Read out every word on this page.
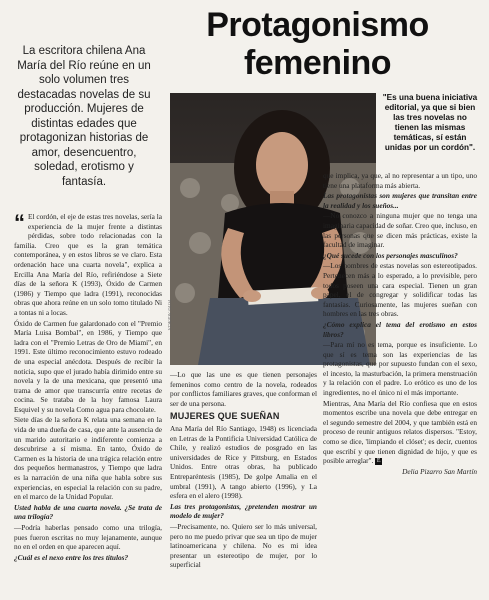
Protagonismo femenino
La escritora chilena Ana María del Río reúne en un solo volumen tres destacadas novelas de su producción. Mujeres de distintas edades que protagonizan historias de amor, desencuentro, soledad, erotismo y fantasía.
FOTO: AGENCIA
"Es una buena iniciativa editorial, ya que si bien las tres novelas no tienen las mismas temáticas, sí están unidas por un cordón".

“ El cordón, el eje de estas tres novelas, sería la experiencia de la mujer frente a distintas pérdidas, sobre todo relacionadas con la familia. Creo que es la gran temática contemporánea, y en estos libros se ve claro. Esta ordenación hace una cuarta novela", explica a Ercilla Ana María del Río, refiriéndose a Siete días de la señora K (1993), Óxido de Carmen (1986) y Tiempo que ladra (1991), reconocidas obras que ahora reúne en un solo tomo titulado Ni a tontas ni a locas.

Óxido de Carmen fue galardonado con el "Premio María Luisa Bombal", en 1986, y Tiempo que ladra con el "Premio Letras de Oro de Miami", en 1991. Este último reconocimiento estuvo rodeado de una especial anécdota. Después de recibir la noticia, supo que el jurado había dirimido entre su novela y la de una mexicana, que presentó una trama de amor que transcurría entre recetas de cocina. Se trataba de la hoy famosa Laura Esquivel y su novela Como agua para chocolate.

Siete días de la señora K relata una semana en la vida de una dueña de casa, que ante la ausencia de un marido autoritario e indiferente comienza a descubrirse a sí misma. En tanto, Óxido de Carmen es la historia de una trágica relación entre dos pequeños hermanastros, y Tiempo que ladra es la narración de una niña que habla sobre sus experiencias, en especial la relación con su padre, en el marco de la Unidad Popular.

Usted habla de una cuarta novela. ¿Se trata de una trilogía?

—Podría haberlas pensado como una trilogía, pues fueron escritas no muy lejanamente, aunque no en el orden en que aparecen aquí.

¿Cuál es el nexo entre los tres títulos?

—Lo que las une es que tienen personajes femeninos como centro de la novela, rodeados por conflictos familiares graves, que conforman el ser de una persona.

MUJERES QUE SUEÑAN

Ana María del Río Santiago, 1948) es licenciada en Letras de la Pontificia Universidad Católica de Chile, y realizó estudios de posgrado en las universidades de Rice y Pittsburg, en Estados Unidos. Entre otras obras, ha publicado Entreparéntesis (1985), De golpe Amalia en el umbral (1991), A tango abierto (1996), y La esfera en el alero (1998).

Las tres protagonistas, ¿pretenden mostrar un modelo de mujer?

—Precisamente, no. Quiero ser lo más universal, pero no me puedo privar que sea un tipo de mujer latinoamericana y chilena. No es mi idea presentar un estereotipo de mujer, por lo superficial

que implica, ya que, al no representar a un tipo, uno tiene una plataforma más abierta.

Las protagonistas son mujeres que transitan entre la realidad y los sueños...

—No conozco a ninguna mujer que no tenga una imaginaria capacidad de soñar. Creo que, incluso, en las personas que se dicen más prácticas, existe la facultad de imaginar.

¿Qué sucede con los personajes masculinos?

—Los hombres de estas novelas son estereotipados. Pertenecen más a lo esperado, a lo previsible, pero todos poseen una cara especial. Tienen un gran papel, el de congregar y solidificar todas las fantasías. Curiosamente, las mujeres sueñan con hombres en las tres obras.

¿Cómo explica el tema del erotismo en estos libros?

—Para mí no es tema, porque es insuficiente. Lo que sí es tema son las experiencias de las protagonistas, que por supuesto fundan con el sexo, el incesto, la masturbación, la primera menstruación y la relación con el padre. Lo erótico es uno de los ingredientes, no el único ni el más importante.

Mientras, Ana María del Río confiesa que en estos momentos escribe una novela que debe entregar en el segundo semestre del 2004, y que también está en proceso de reunir antiguos relatos dispersos. "Estoy, como se dice, 'limpiando el clóset'; es decir, cuentos que escribí y que tienen dignidad de hijo, y que es posible arreglar". E

Delia Pizarro San Martín
